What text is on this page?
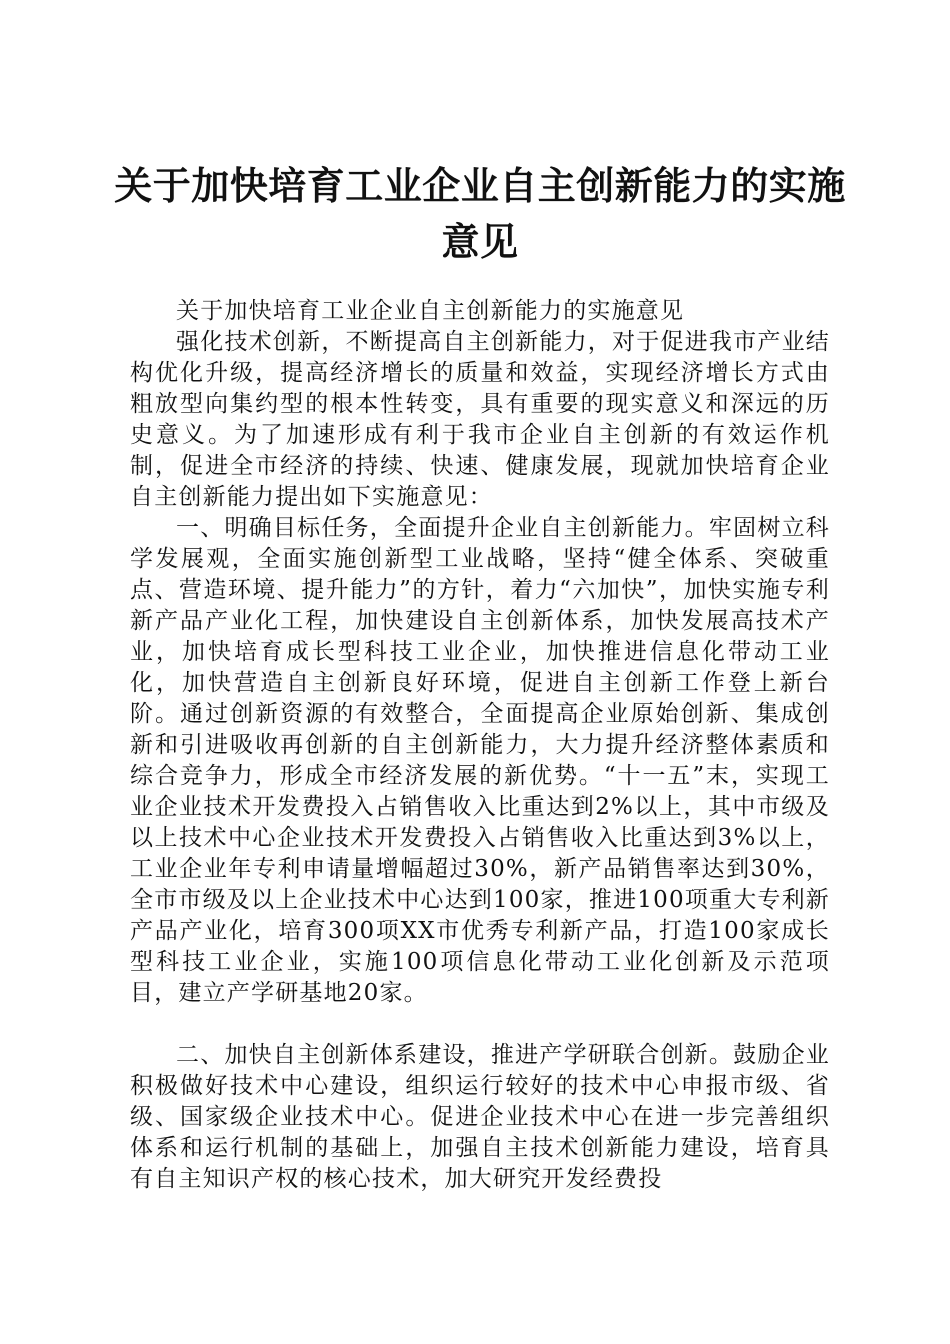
关于加快培育工业企业自主创新能力的实施意见

关于加快培育工业企业自主创新能力的实施意见

强化技术创新，不断提高自主创新能力，对于促进我市产业结构优化升级，提高经济增长的质量和效益，实现经济增长方式由粗放型向集约型的根本性转变，具有重要的现实意义和深远的历史意义。为了加速形成有利于我市企业自主创新的有效运作机制，促进全市经济的持续、快速、健康发展，现就加快培育企业自主创新能力提出如下实施意见：

一、明确目标任务，全面提升企业自主创新能力。牢固树立科学发展观，全面实施创新型工业战略，坚持“健全体系、突破重点、营造环境、提升能力”的方针，着力“六加快”，加快实施专利新产品产业化工程，加快建设自主创新体系，加快发展高技术产业，加快培育成长型科技工业企业，加快推进信息化带动工业化，加快营造自主创新良好环境，促进自主创新工作登上新台阶。通过创新资源的有效整合，全面提高企业原始创新、集成创新和引进吸收再创新的自主创新能力，大力提升经济整体素质和综合竞争力，形成全市经济发展的新优势。“十一五”末，实现工业企业技术开发费投入占销售收入比重达到2%以上，其中市级及以上技术中心企业技术开发费投入占销售收入比重达到3%以上，工业企业年专利申请量增幅超过30%，新产品销售率达到30%，全市市级及以上企业技术中心达到100家，推进100项重大专利新产品产业化，培育300项XX市优秀专利新产品，打造100家成长型科技工业企业，实施100项信息化带动工业化创新及示范项目，建立产学研基地20家。

二、加快自主创新体系建设，推进产学研联合创新。鼓励企业积极做好技术中心建设，组织运行较好的技术中心申报市级、省级、国家级企业技术中心。促进企业技术中心在进一步完善组织体系和运行机制的基础上，加强自主技术创新能力建设，培育具有自主知识产权的核心技术，加大研究开发经费投
